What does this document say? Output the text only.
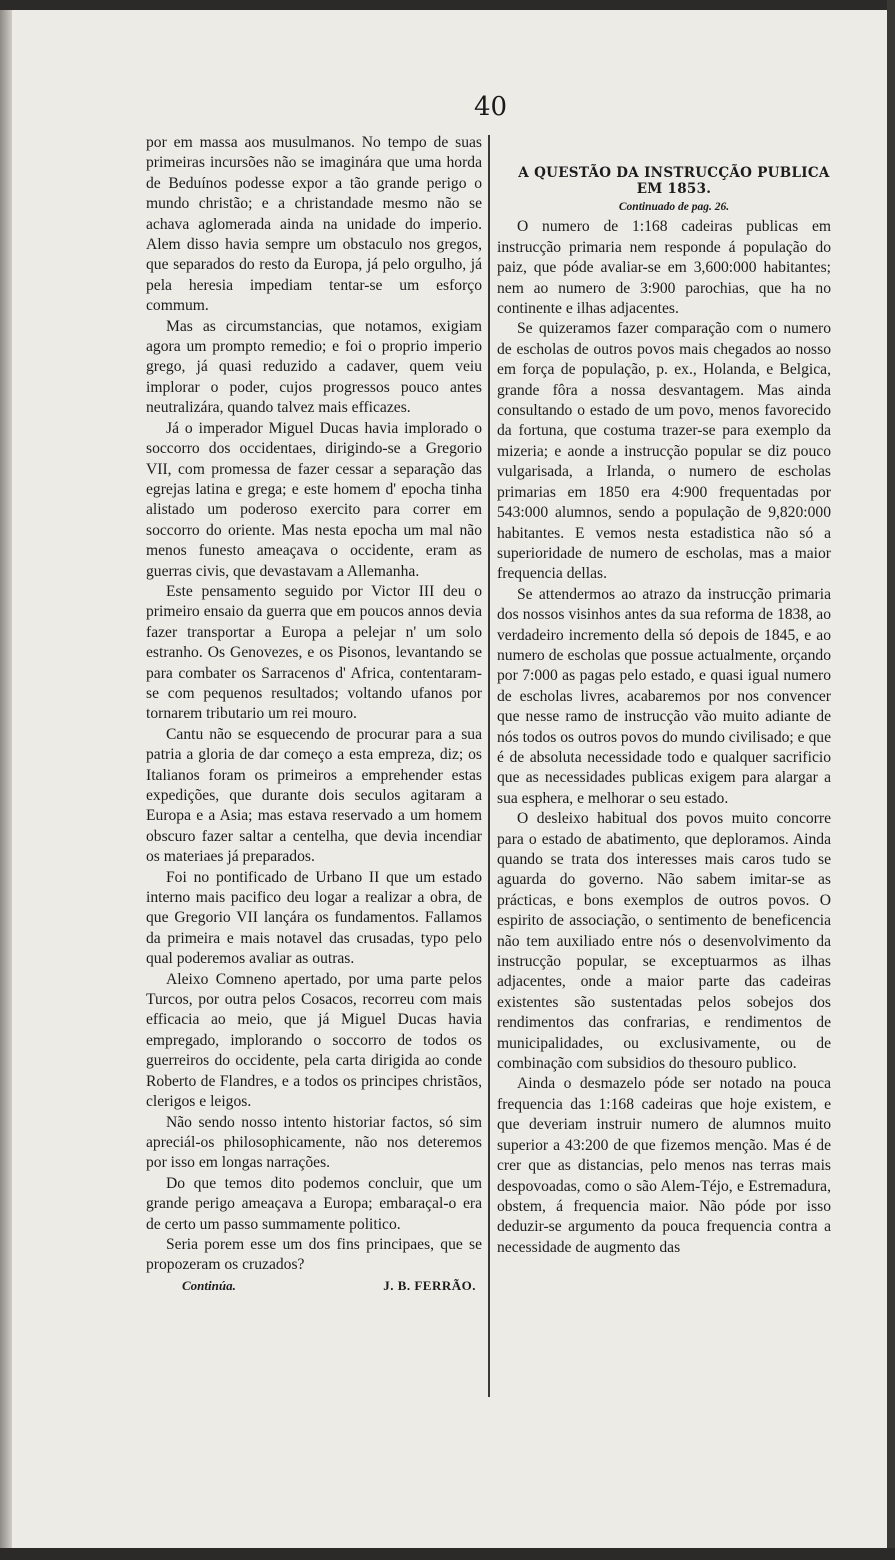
40

por em massa aos musulmanos. No tempo de suas primeiras incursões não se imaginára que uma horda de Beduínos podesse expor a tão grande perigo o mundo christão; e a christandade mesmo não se achava aglomerada ainda na unidade do imperio. Alem disso havia sempre um obstaculo nos gregos, que separados do resto da Europa, já pelo orgulho, já pela heresia impediam tentar-se um esforço commum.

Mas as circumstancias, que notamos, exigiam agora um prompto remedio; e foi o proprio imperio grego, já quasi reduzido a cadaver, quem veiu implorar o poder, cujos progressos pouco antes neutralizára, quando talvez mais efficazes.

Já o imperador Miguel Ducas havia implorado o soccorro dos occidentaes, dirigindo-se a Gregorio VII, com promessa de fazer cessar a separação das egrejas latina e grega; e este homem d' epocha tinha alistado um poderoso exercito para correr em soccorro do oriente. Mas nesta epocha um mal não menos funesto ameaçava o occidente, eram as guerras civis, que devastavam a Allemanha.

Este pensamento seguido por Victor III deu o primeiro ensaio da guerra que em poucos annos devia fazer transportar a Europa a pelejar n' um solo estranho. Os Genovezes, e os Pisonos, levantando se para combater os Sarracenos d' Africa, contentaram-se com pequenos resultados; voltando ufanos por tornarem tributario um rei mouro.

Cantu não se esquecendo de procurar para a sua patria a gloria de dar começo a esta empreza, diz; os Italianos foram os primeiros a emprehender estas expedições, que durante dois seculos agitaram a Europa e a Asia; mas estava reservado a um homem obscuro fazer saltar a centelha, que devia incendiar os materiaes já preparados.

Foi no pontificado de Urbano II que um estado interno mais pacifico deu logar a realizar a obra, de que Gregorio VII lançára os fundamentos. Fallamos da primeira e mais notavel das crusadas, typo pelo qual poderemos avaliar as outras.

Aleixo Comneno apertado, por uma parte pelos Turcos, por outra pelos Cosacos, recorreu com mais efficacia ao meio, que já Miguel Ducas havia empregado, implorando o soccorro de todos os guerreiros do occidente, pela carta dirigida ao conde Roberto de Flandres, e a todos os principes christãos, clerigos e leigos.

Não sendo nosso intento historiar factos, só sim apreciál-os philosophicamente, não nos deteremos por isso em longas narrações.

Do que temos dito podemos concluir, que um grande perigo ameaçava a Europa; embaraçal-o era de certo um passo summamente politico.

Seria porem esse um dos fins principaes, que se propozeram os cruzados?

Continúa.	J. B. FERRÃO.

A QUESTÃO DA INSTRUCÇÃO PUBLICA

EM 1853.

Continuado de pag. 26.

O numero de 1:168 cadeiras publicas em instrucção primaria nem responde á população do paiz, que póde avaliar-se em 3,600:000 habitantes; nem ao numero de 3:900 parochias, que ha no continente e ilhas adjacentes.

Se quizeramos fazer comparação com o numero de escholas de outros povos mais chegados ao nosso em força de população, p. ex., Holanda, e Belgica, grande fôra a nossa desvantagem. Mas ainda consultando o estado de um povo, menos favorecido da fortuna, que costuma trazer-se para exemplo da mizeria; e aonde a instrucção popular se diz pouco vulgarisada, a Irlanda, o numero de escholas primarias em 1850 era 4:900 frequentadas por 543:000 alumnos, sendo a população de 9,820:000 habitantes. E vemos nesta estadistica não só a superioridade de numero de escholas, mas a maior frequencia dellas.

Se attendermos ao atrazo da instrucção primaria dos nossos visinhos antes da sua reforma de 1838, ao verdadeiro incremento della só depois de 1845, e ao numero de escholas que possue actualmente, orçando por 7:000 as pagas pelo estado, e quasi igual numero de escholas livres, acabaremos por nos convencer que nesse ramo de instrucção vão muito adiante de nós todos os outros povos do mundo civilisado; e que é de absoluta necessidade todo e qualquer sacrificio que as necessidades publicas exigem para alargar a sua esphera, e melhorar o seu estado.

O desleixo habitual dos povos muito concorre para o estado de abatimento, que deploramos. Ainda quando se trata dos interesses mais caros tudo se aguarda do governo. Não sabem imitar-se as prácticas, e bons exemplos de outros povos. O espirito de associação, o sentimento de beneficencia não tem auxiliado entre nós o desenvolvimento da instrucção popular, se exceptuarmos as ilhas adjacentes, onde a maior parte das cadeiras existentes são sustentadas pelos sobejos dos rendimentos das confrarias, e rendimentos de municipalidades, ou exclusivamente, ou de combinação com subsidios do thesouro publico.

Ainda o desmazelo póde ser notado na pouca frequencia das 1:168 cadeiras que hoje existem, e que deveriam instruir numero de alumnos muito superior a 43:200 de que fizemos menção. Mas é de crer que as distancias, pelo menos nas terras mais despovoadas, como o são Alem-Téjo, e Estremadura, obstem, á frequencia maior. Não póde por isso deduzir-se argumento da pouca frequencia contra a necessidade de augmento das
